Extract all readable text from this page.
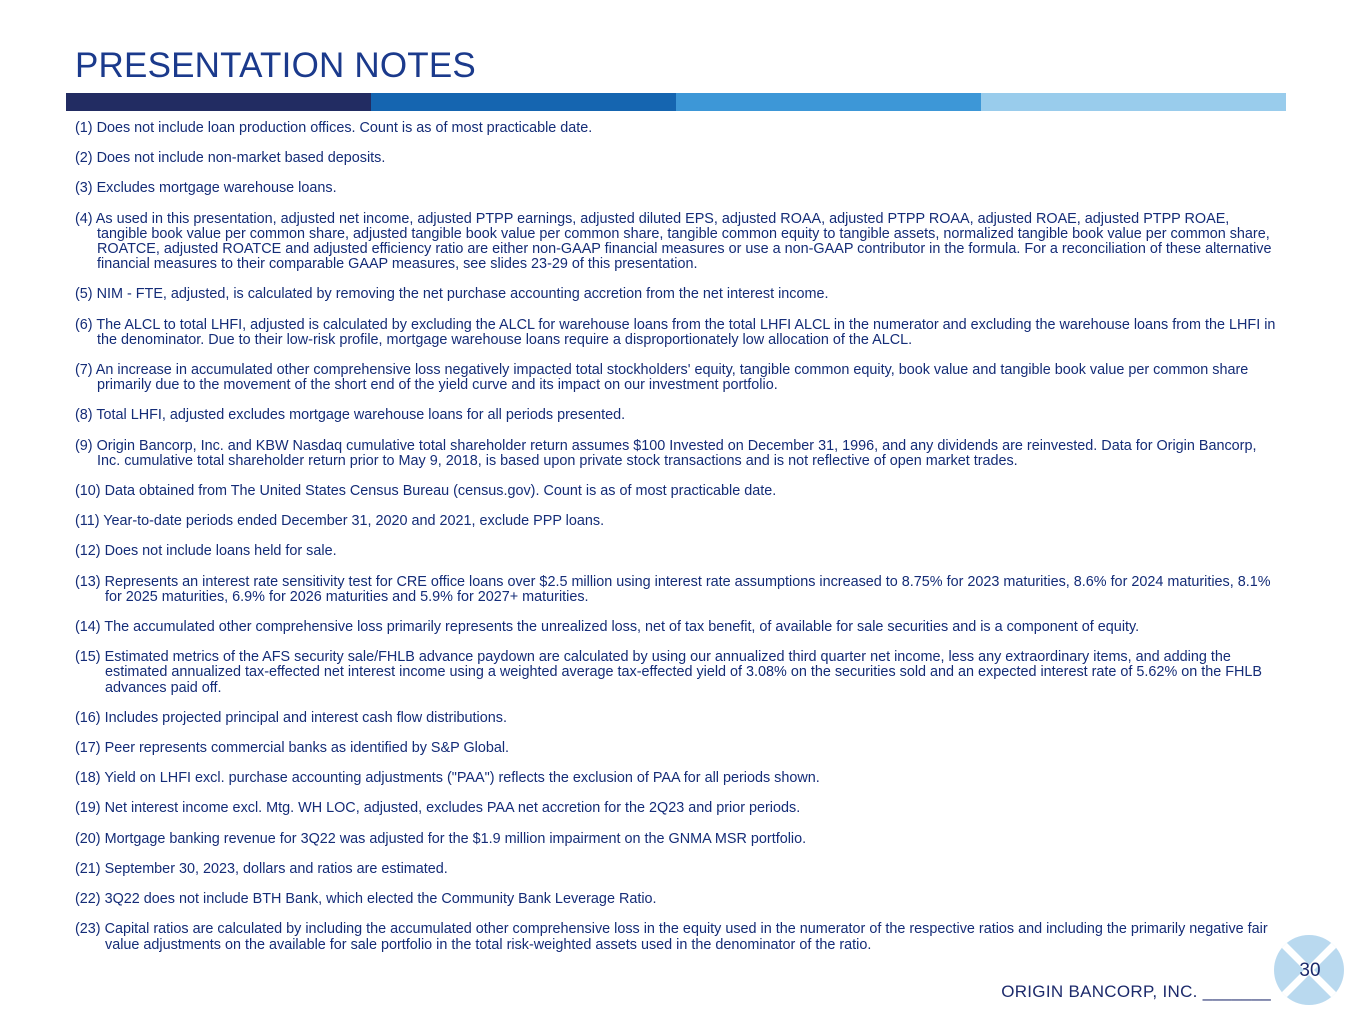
PRESENTATION NOTES

(1) Does not include loan production offices. Count is as of most practicable date.

(2) Does not include non-market based deposits.

(3) Excludes mortgage warehouse loans.

(4) As used in this presentation, adjusted net income, adjusted PTPP earnings, adjusted diluted EPS, adjusted ROAA, adjusted PTPP ROAA, adjusted ROAE, adjusted PTPP ROAE, tangible book value per common share, adjusted tangible book value per common share, tangible common equity to tangible assets, normalized tangible book value per common share, ROATCE, adjusted ROATCE and adjusted efficiency ratio are either non-GAAP financial measures or use a non-GAAP contributor in the formula. For a reconciliation of these alternative financial measures to their comparable GAAP measures, see slides 23-29 of this presentation.

(5) NIM - FTE, adjusted, is calculated by removing the net purchase accounting accretion from the net interest income.

(6) The ALCL to total LHFI, adjusted is calculated by excluding the ALCL for warehouse loans from the total LHFI ALCL in the numerator and excluding the warehouse loans from the LHFI in the denominator. Due to their low-risk profile, mortgage warehouse loans require a disproportionately low allocation of the ALCL.

(7) An increase in accumulated other comprehensive loss negatively impacted total stockholders' equity, tangible common equity, book value and tangible book value per common share primarily due to the movement of the short end of the yield curve and its impact on our investment portfolio.

(8) Total LHFI, adjusted excludes mortgage warehouse loans for all periods presented.

(9) Origin Bancorp, Inc. and KBW Nasdaq cumulative total shareholder return assumes $100 Invested on December 31, 1996, and any dividends are reinvested. Data for Origin Bancorp, Inc. cumulative total shareholder return prior to May 9, 2018, is based upon private stock transactions and is not reflective of open market trades.

(10) Data obtained from The United States Census Bureau (census.gov). Count is as of most practicable date.

(11) Year-to-date periods ended December 31, 2020 and 2021, exclude PPP loans.

(12) Does not include loans held for sale.

(13) Represents an interest rate sensitivity test for CRE office loans over $2.5 million using interest rate assumptions increased to 8.75% for 2023 maturities, 8.6% for 2024 maturities, 8.1% for 2025 maturities, 6.9% for 2026 maturities and 5.9% for 2027+ maturities.

(14) The accumulated other comprehensive loss primarily represents the unrealized loss, net of tax benefit, of available for sale securities and is a component of equity.

(15) Estimated metrics of the AFS security sale/FHLB advance paydown are calculated by using our annualized third quarter net income, less any extraordinary items, and adding the estimated annualized tax-effected net interest income using a weighted average tax-effected yield of 3.08% on the securities sold and an expected interest rate of 5.62% on the FHLB advances paid off.

(16) Includes projected principal and interest cash flow distributions.

(17) Peer represents commercial banks as identified by S&P Global.

(18) Yield on LHFI excl. purchase accounting adjustments ("PAA") reflects the exclusion of PAA for all periods shown.

(19) Net interest income excl. Mtg. WH LOC, adjusted, excludes PAA net accretion for the 2Q23 and prior periods.

(20) Mortgage banking revenue for 3Q22 was adjusted for the $1.9 million impairment on the GNMA MSR portfolio.

(21) September 30, 2023, dollars and ratios are estimated.

(22) 3Q22 does not include BTH Bank, which elected the Community Bank Leverage Ratio.

(23) Capital ratios are calculated by including the accumulated other comprehensive loss in the equity used in the numerator of the respective ratios and including the primarily negative fair value adjustments on the available for sale portfolio in the total risk-weighted assets used in the denominator of the ratio.

30
ORIGIN BANCORP, INC. _______
